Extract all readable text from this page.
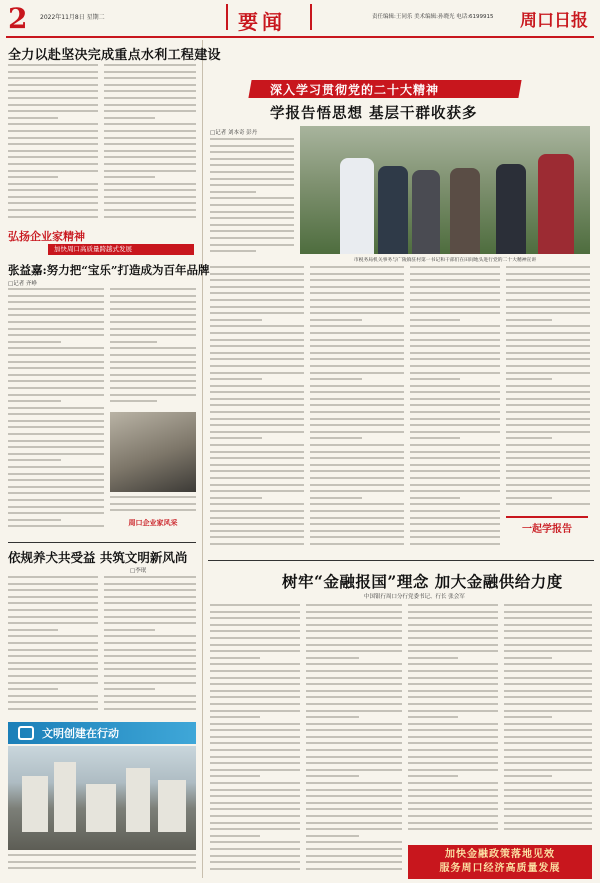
2 2022年11月8日 星期二	要闻	责任编辑:王同乐 美术编辑:孙晓光 电话:6199915 周口日报
全力以赴坚决完成重点水利工程建设
弘扬企业家精神
加快周口高质量跨越式发展
张益嘉:努力把“宝乐”打造成为百年品牌
□记者 齐峥
周口企业家风采
依规养犬共受益 共筑文明新风尚
□李珉
文明创建在行动
深入学习贯彻党的二十大精神
学报告悟思想 基层干群收获多
□记者 刘本奇 彭丹
市税务局机关事务与广陵镇驻村第一书记和干部们在田间地头进行党的二十大精神宣讲
一起学报告
树牢“金融报国”理念 加大金融供给力度
中国银行周口分行党委书记、行长 张会军
加快金融政策落地见效
服务周口经济高质量发展
